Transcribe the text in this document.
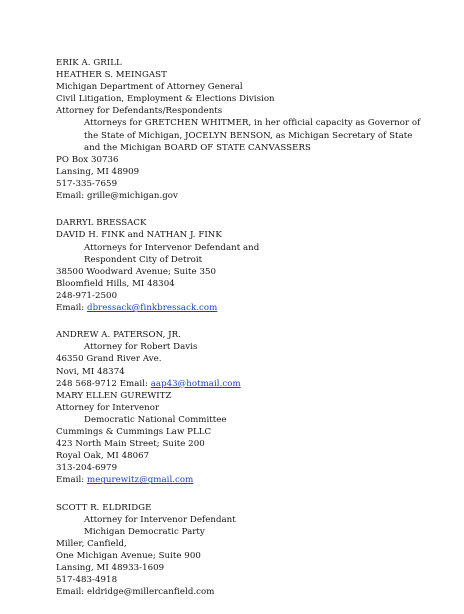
ERIK A. GRILL
HEATHER S. MEINGAST
Michigan Department of Attorney General
Civil Litigation, Employment & Elections Division
Attorney for Defendants/Respondents
Attorneys for GRETCHEN WHITMER, in her official capacity as Governor of
the State of Michigan, JOCELYN BENSON, as Michigan Secretary of State
and the Michigan BOARD OF STATE CANVASSERS
PO Box 30736
Lansing, MI 48909
517-335-7659
Email: grille@michigan.gov
DARRYL BRESSACK
DAVID H. FINK and NATHAN J. FINK
Attorneys for Intervenor Defendant and
Respondent City of Detroit
38500 Woodward Avenue; Suite 350
Bloomfield Hills, MI 48304
248-971-2500
Email: dbressack@finkbressack.com
ANDREW A. PATERSON, JR.
Attorney for Robert Davis
46350 Grand River Ave.
Novi, MI 48374
248 568-9712 Email: aap43@hotmail.com
MARY ELLEN GUREWITZ
Attorney for Intervenor
Democratic National Committee
Cummings & Cummings Law PLLC
423 North Main Street; Suite 200
Royal Oak, MI 48067
313-204-6979
Email: megurewitz@gmail.com
SCOTT R. ELDRIDGE
Attorney for Intervenor Defendant
Michigan Democratic Party
Miller, Canfield,
One Michigan Avenue; Suite 900
Lansing, MI 48933-1609
517-483-4918
Email: eldridge@millercanfield.com
